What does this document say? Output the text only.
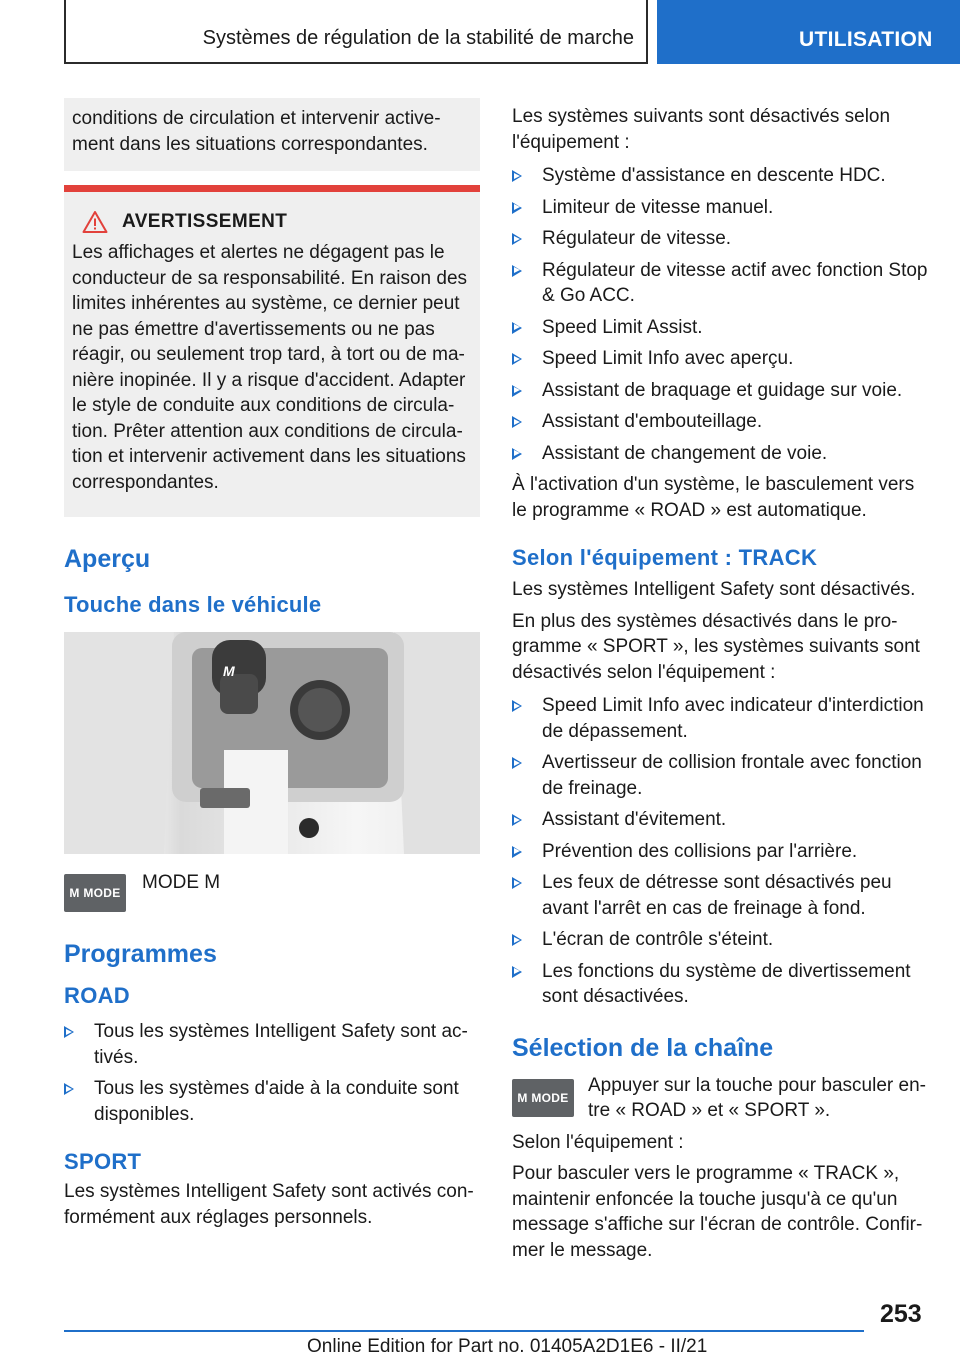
Systèmes de régulation de la stabilité de marche	UTILISATION

conditions de circulation et intervenir active-ment dans les situations correspondantes.

AVERTISSEMENT

Les affichages et alertes ne dégagent pas le conducteur de sa responsabilité. En raison des limites inhérentes au système, ce dernier peut ne pas émettre d'avertissements ou ne pas réagir, ou seulement trop tard, à tort ou de ma-nière inopinée. Il y a risque d'accident. Adapter le style de conduite aux conditions de circula-tion. Prêter attention aux conditions de circula-tion et intervenir activement dans les situations correspondantes.

Aperçu
Touche dans le véhicule
M
M MODE MODE M
Programmes
ROAD
Tous les systèmes Intelligent Safety sont ac-tivés.
Tous les systèmes d'aide à la conduite sont disponibles.
SPORT

Les systèmes Intelligent Safety sont activés con-formément aux réglages personnels.

Les systèmes suivants sont désactivés selon l'équipement :

Système d'assistance en descente HDC.
Limiteur de vitesse manuel.
Régulateur de vitesse.
Régulateur de vitesse actif avec fonction Stop & Go ACC.
Speed Limit Assist.
Speed Limit Info avec aperçu.
Assistant de braquage et guidage sur voie.
Assistant d'embouteillage.
Assistant de changement de voie.

À l'activation d'un système, le basculement vers le programme « ROAD » est automatique.

Selon l'équipement : TRACK

Les systèmes Intelligent Safety sont désactivés.

En plus des systèmes désactivés dans le pro-gramme « SPORT », les systèmes suivants sont désactivés selon l'équipement :

Speed Limit Info avec indicateur d'interdiction de dépassement.
Avertisseur de collision frontale avec fonction de freinage.
Assistant d'évitement.
Prévention des collisions par l'arrière.
Les feux de détresse sont désactivés peu avant l'arrêt en cas de freinage à fond.
L'écran de contrôle s'éteint.
Les fonctions du système de divertissement sont désactivées.
Sélection de la chaîne
M MODE

Appuyer sur la touche pour basculer en-tre « ROAD » et « SPORT ».

Selon l'équipement :

Pour basculer vers le programme « TRACK », maintenir enfoncée la touche jusqu'à ce qu'un message s'affiche sur l'écran de contrôle. Confir-mer le message.

253
Online Edition for Part no. 01405A2D1E6 - II/21
